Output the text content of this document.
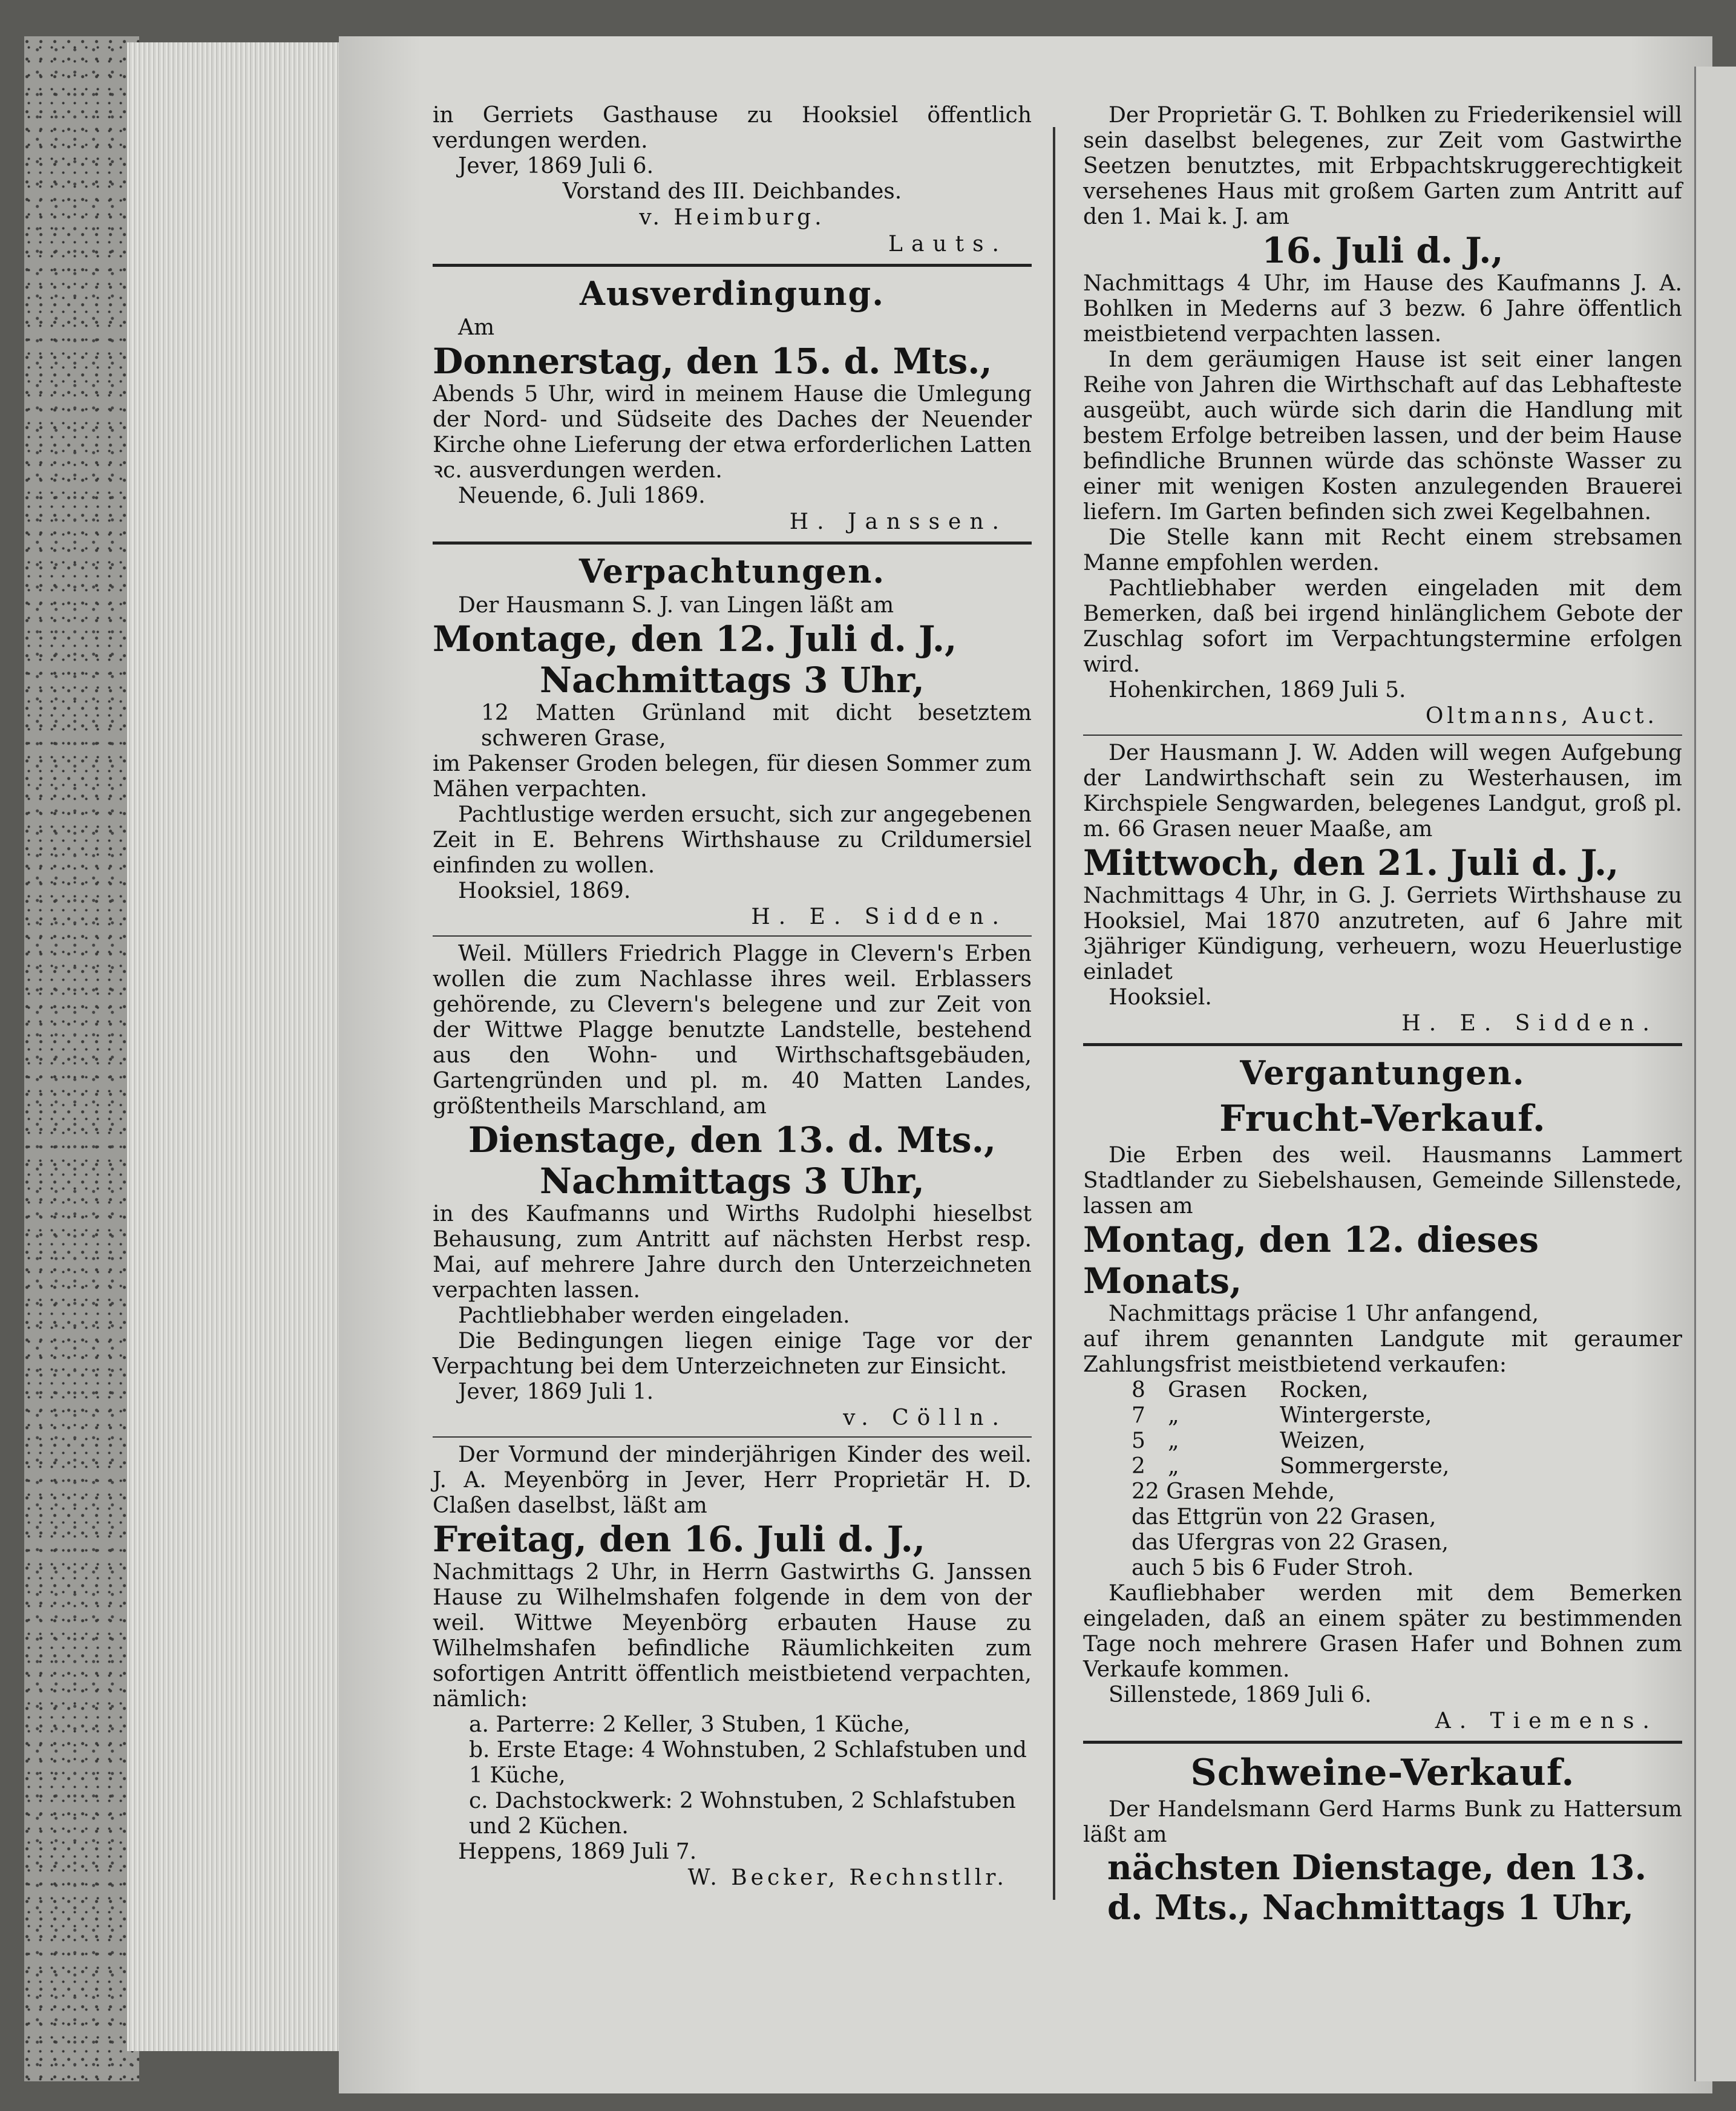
in Gerriets Gasthause zu Hooksiel öffentlich verdungen werden.

Jever, 1869 Juli 6.

Vorstand des III. Deichbandes.

v. Heimburg.

Lauts.

Ausverdingung.

Am

Donnerstag, den 15. d. Mts.,

Abends 5 Uhr, wird in meinem Hause die Umlegung der Nord- und Südseite des Daches der Neuender Kirche ohne Lieferung der etwa erforderlichen Latten ꝛc. ausverdungen werden.

Neuende, 6. Juli 1869.

H. Janssen.

Verpachtungen.

Der Hausmann S. J. van Lingen läßt am

Montage, den 12. Juli d. J.,

Nachmittags 3 Uhr,

12 Matten Grünland mit dicht besetztem schweren Grase,

im Pakenser Groden belegen, für diesen Sommer zum Mähen verpachten.

Pachtlustige werden ersucht, sich zur angegebenen Zeit in E. Behrens Wirthshause zu Crildumersiel einfinden zu wollen.

Hooksiel, 1869.

H. E. Sidden.

Weil. Müllers Friedrich Plagge in Clevern's Erben wollen die zum Nachlasse ihres weil. Erblassers gehörende, zu Clevern's belegene und zur Zeit von der Wittwe Plagge benutzte Landstelle, bestehend aus den Wohn- und Wirthschaftsgebäuden, Gartengründen und pl. m. 40 Matten Landes, größtentheils Marschland, am

Dienstage, den 13. d. Mts.,

Nachmittags 3 Uhr,

in des Kaufmanns und Wirths Rudolphi hieselbst Behausung, zum Antritt auf nächsten Herbst resp. Mai, auf mehrere Jahre durch den Unterzeichneten verpachten lassen.

Pachtliebhaber werden eingeladen.

Die Bedingungen liegen einige Tage vor der Verpachtung bei dem Unterzeichneten zur Einsicht.

Jever, 1869 Juli 1.

v. Cölln.

Der Vormund der minderjährigen Kinder des weil. J. A. Meyenbörg in Jever, Herr Proprietär H. D. Claßen daselbst, läßt am

Freitag, den 16. Juli d. J.,

Nachmittags 2 Uhr, in Herrn Gastwirths G. Janssen Hause zu Wilhelmshafen folgende in dem von der weil. Wittwe Meyenbörg erbauten Hause zu Wilhelmshafen befindliche Räumlichkeiten zum sofortigen Antritt öffentlich meistbietend verpachten, nämlich:

a. Parterre: 2 Keller, 3 Stuben, 1 Küche,

b. Erste Etage: 4 Wohnstuben, 2 Schlafstuben und 1 Küche,

c. Dachstockwerk: 2 Wohnstuben, 2 Schlafstuben und 2 Küchen.

Heppens, 1869 Juli 7.

W. Becker, Rechnstllr.

Der Proprietär G. T. Bohlken zu Friederikensiel will sein daselbst belegenes, zur Zeit vom Gastwirthe Seetzen benutztes, mit Erbpachtskruggerechtigkeit versehenes Haus mit großem Garten zum Antritt auf den 1. Mai k. J. am

16. Juli d. J.,

Nachmittags 4 Uhr, im Hause des Kaufmanns J. A. Bohlken in Mederns auf 3 bezw. 6 Jahre öffentlich meistbietend verpachten lassen.

In dem geräumigen Hause ist seit einer langen Reihe von Jahren die Wirthschaft auf das Lebhafteste ausgeübt, auch würde sich darin die Handlung mit bestem Erfolge betreiben lassen, und der beim Hause befindliche Brunnen würde das schönste Wasser zu einer mit wenigen Kosten anzulegenden Brauerei liefern. Im Garten befinden sich zwei Kegelbahnen.

Die Stelle kann mit Recht einem strebsamen Manne empfohlen werden.

Pachtliebhaber werden eingeladen mit dem Bemerken, daß bei irgend hinlänglichem Gebote der Zuschlag sofort im Verpachtungstermine erfolgen wird.

Hohenkirchen, 1869 Juli 5.

Oltmanns, Auct.

Der Hausmann J. W. Adden will wegen Aufgebung der Landwirthschaft sein zu Westerhausen, im Kirchspiele Sengwarden, belegenes Landgut, groß pl. m. 66 Grasen neuer Maaße, am

Mittwoch, den 21. Juli d. J.,

Nachmittags 4 Uhr, in G. J. Gerriets Wirthshause zu Hooksiel, Mai 1870 anzutreten, auf 6 Jahre mit 3jähriger Kündigung, verheuern, wozu Heuerlustige einladet

Hooksiel.

H. E. Sidden.

Vergantungen.

Frucht-Verkauf.

Die Erben des weil. Hausmanns Lammert Stadtlander zu Siebelshausen, Gemeinde Sillenstede, lassen am

Montag, den 12. dieses Monats,

Nachmittags präcise 1 Uhr anfangend,

auf ihrem genannten Landgute mit geraumer Zahlungsfrist meistbietend verkaufen:

8 Grasen Rocken,

7 „	Wintergerste,

5 „	Weizen,

2 „	Sommergerste,

22 Grasen Mehde,

das Ettgrün von 22 Grasen,

das Ufergras von 22 Grasen,

auch 5 bis 6 Fuder Stroh.

Kaufliebhaber werden mit dem Bemerken eingeladen, daß an einem später zu bestimmenden Tage noch mehrere Grasen Hafer und Bohnen zum Verkaufe kommen.

Sillenstede, 1869 Juli 6.

A. Tiemens.

Schweine-Verkauf.

Der Handelsmann Gerd Harms Bunk zu Hattersum läßt am

nächsten Dienstage, den 13. d. Mts., Nachmittags 1 Uhr,
